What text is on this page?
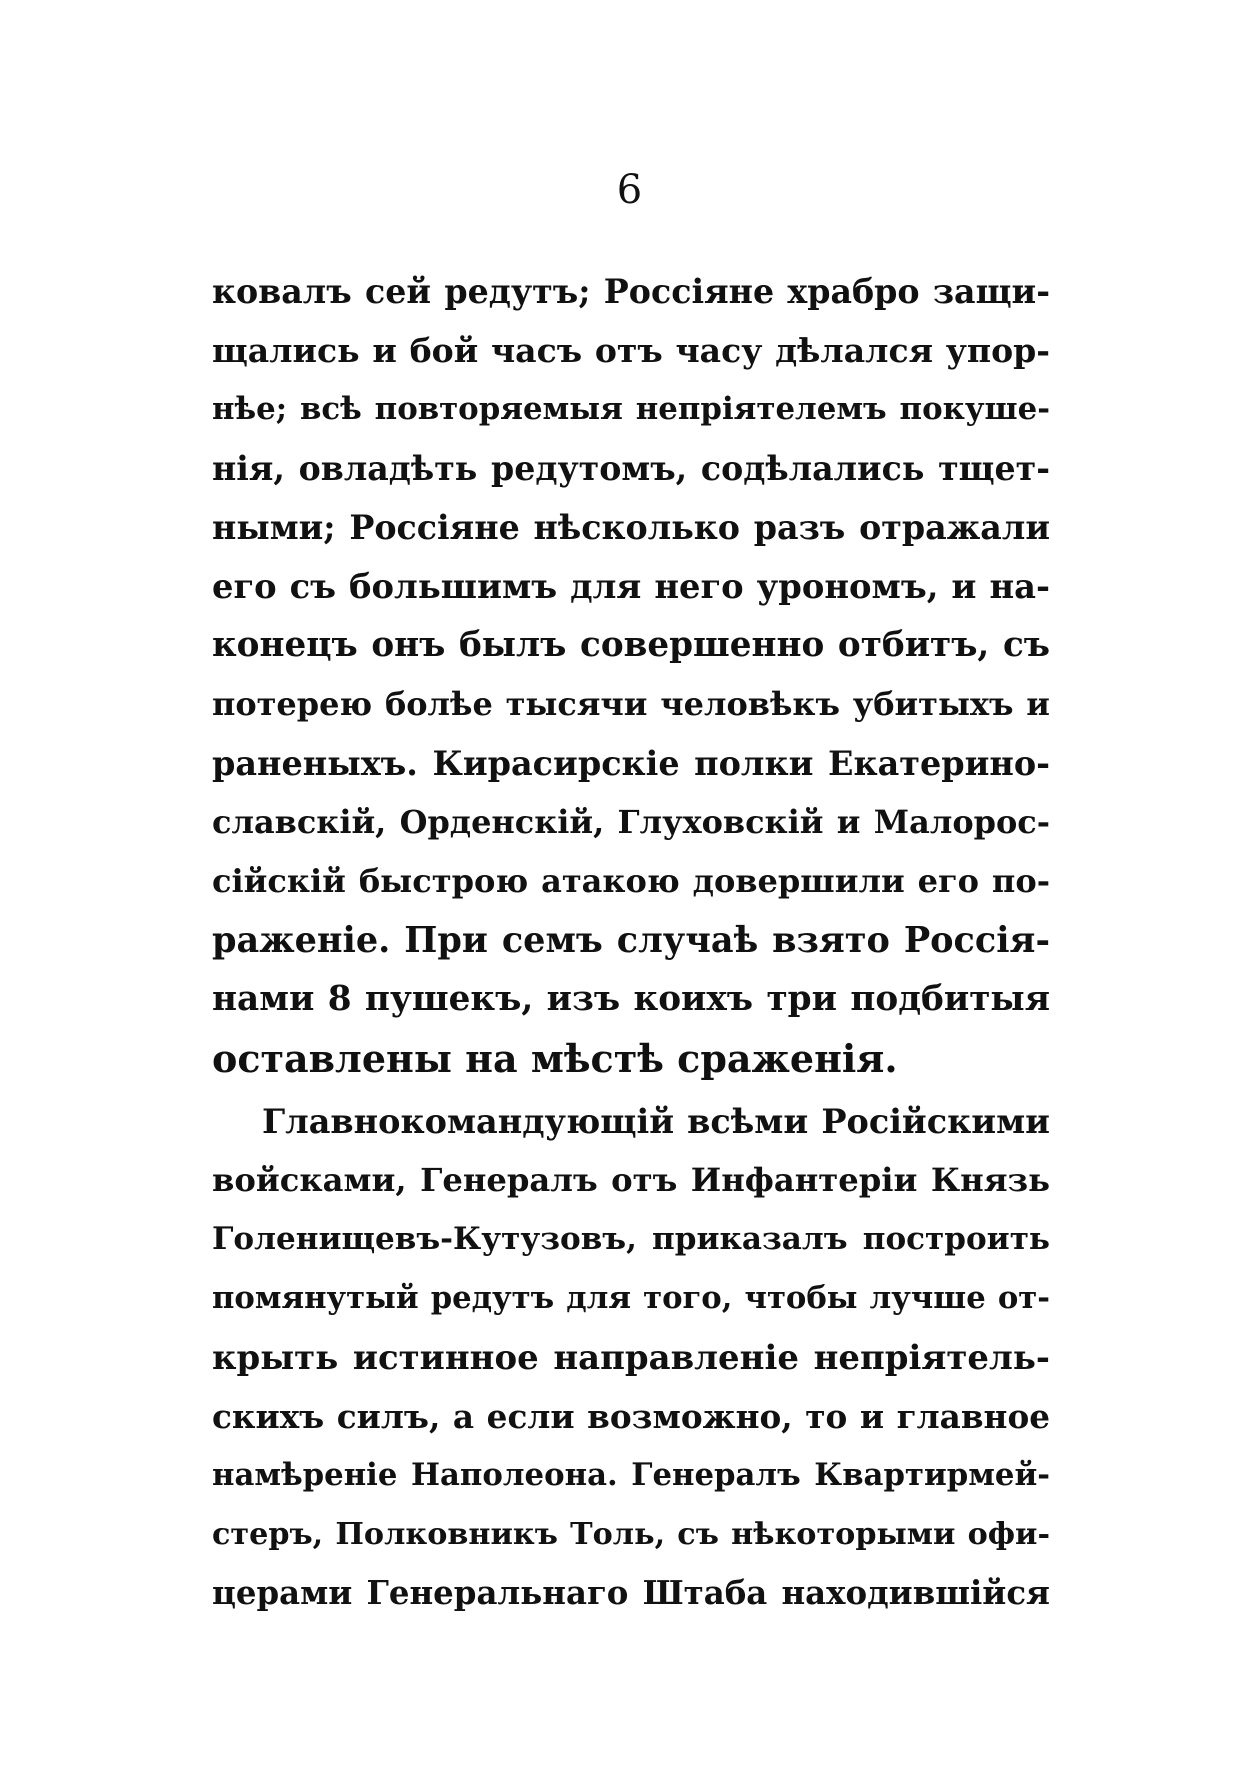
6
ковалъ сей редутъ; Россіяне храбро защи-
щались и бой часъ отъ часу дѣлался упор-
нѣе; всѣ повторяемыя непріятелемъ покуше-
нія, овладѣть редутомъ, содѣлались тщет-
ными; Россіяне нѣсколько разъ отражали
его съ большимъ для него урономъ, и на-
конецъ онъ былъ совершенно отбитъ, съ
потерею болѣе тысячи человѣкъ убитыхъ и
раненыхъ. Кирасирскіе полки Екатерино-
славскій, Орденскій, Глуховскій и Малорос-
сійскій быстрою атакою довершили его по-
раженіе. При семъ случаѣ взято Россія-
нами 8 пушекъ, изъ коихъ три подбитыя
оставлены на мѣстѣ сраженія.
Главнокомандующій всѣми Російскими
войсками, Генералъ отъ Инфантеріи Князь
Голенищевъ-Кутузовъ, приказалъ построить
помянутый редутъ для того, чтобы лучше от-
крыть истинное направленіе непріятель-
скихъ силъ, а если возможно, то и главное
намѣреніе Наполеона. Генералъ Квартирмей-
стеръ, Полковникъ Толь, съ нѣкоторыми офи-
церами Генеральнаго Штаба находившійся
